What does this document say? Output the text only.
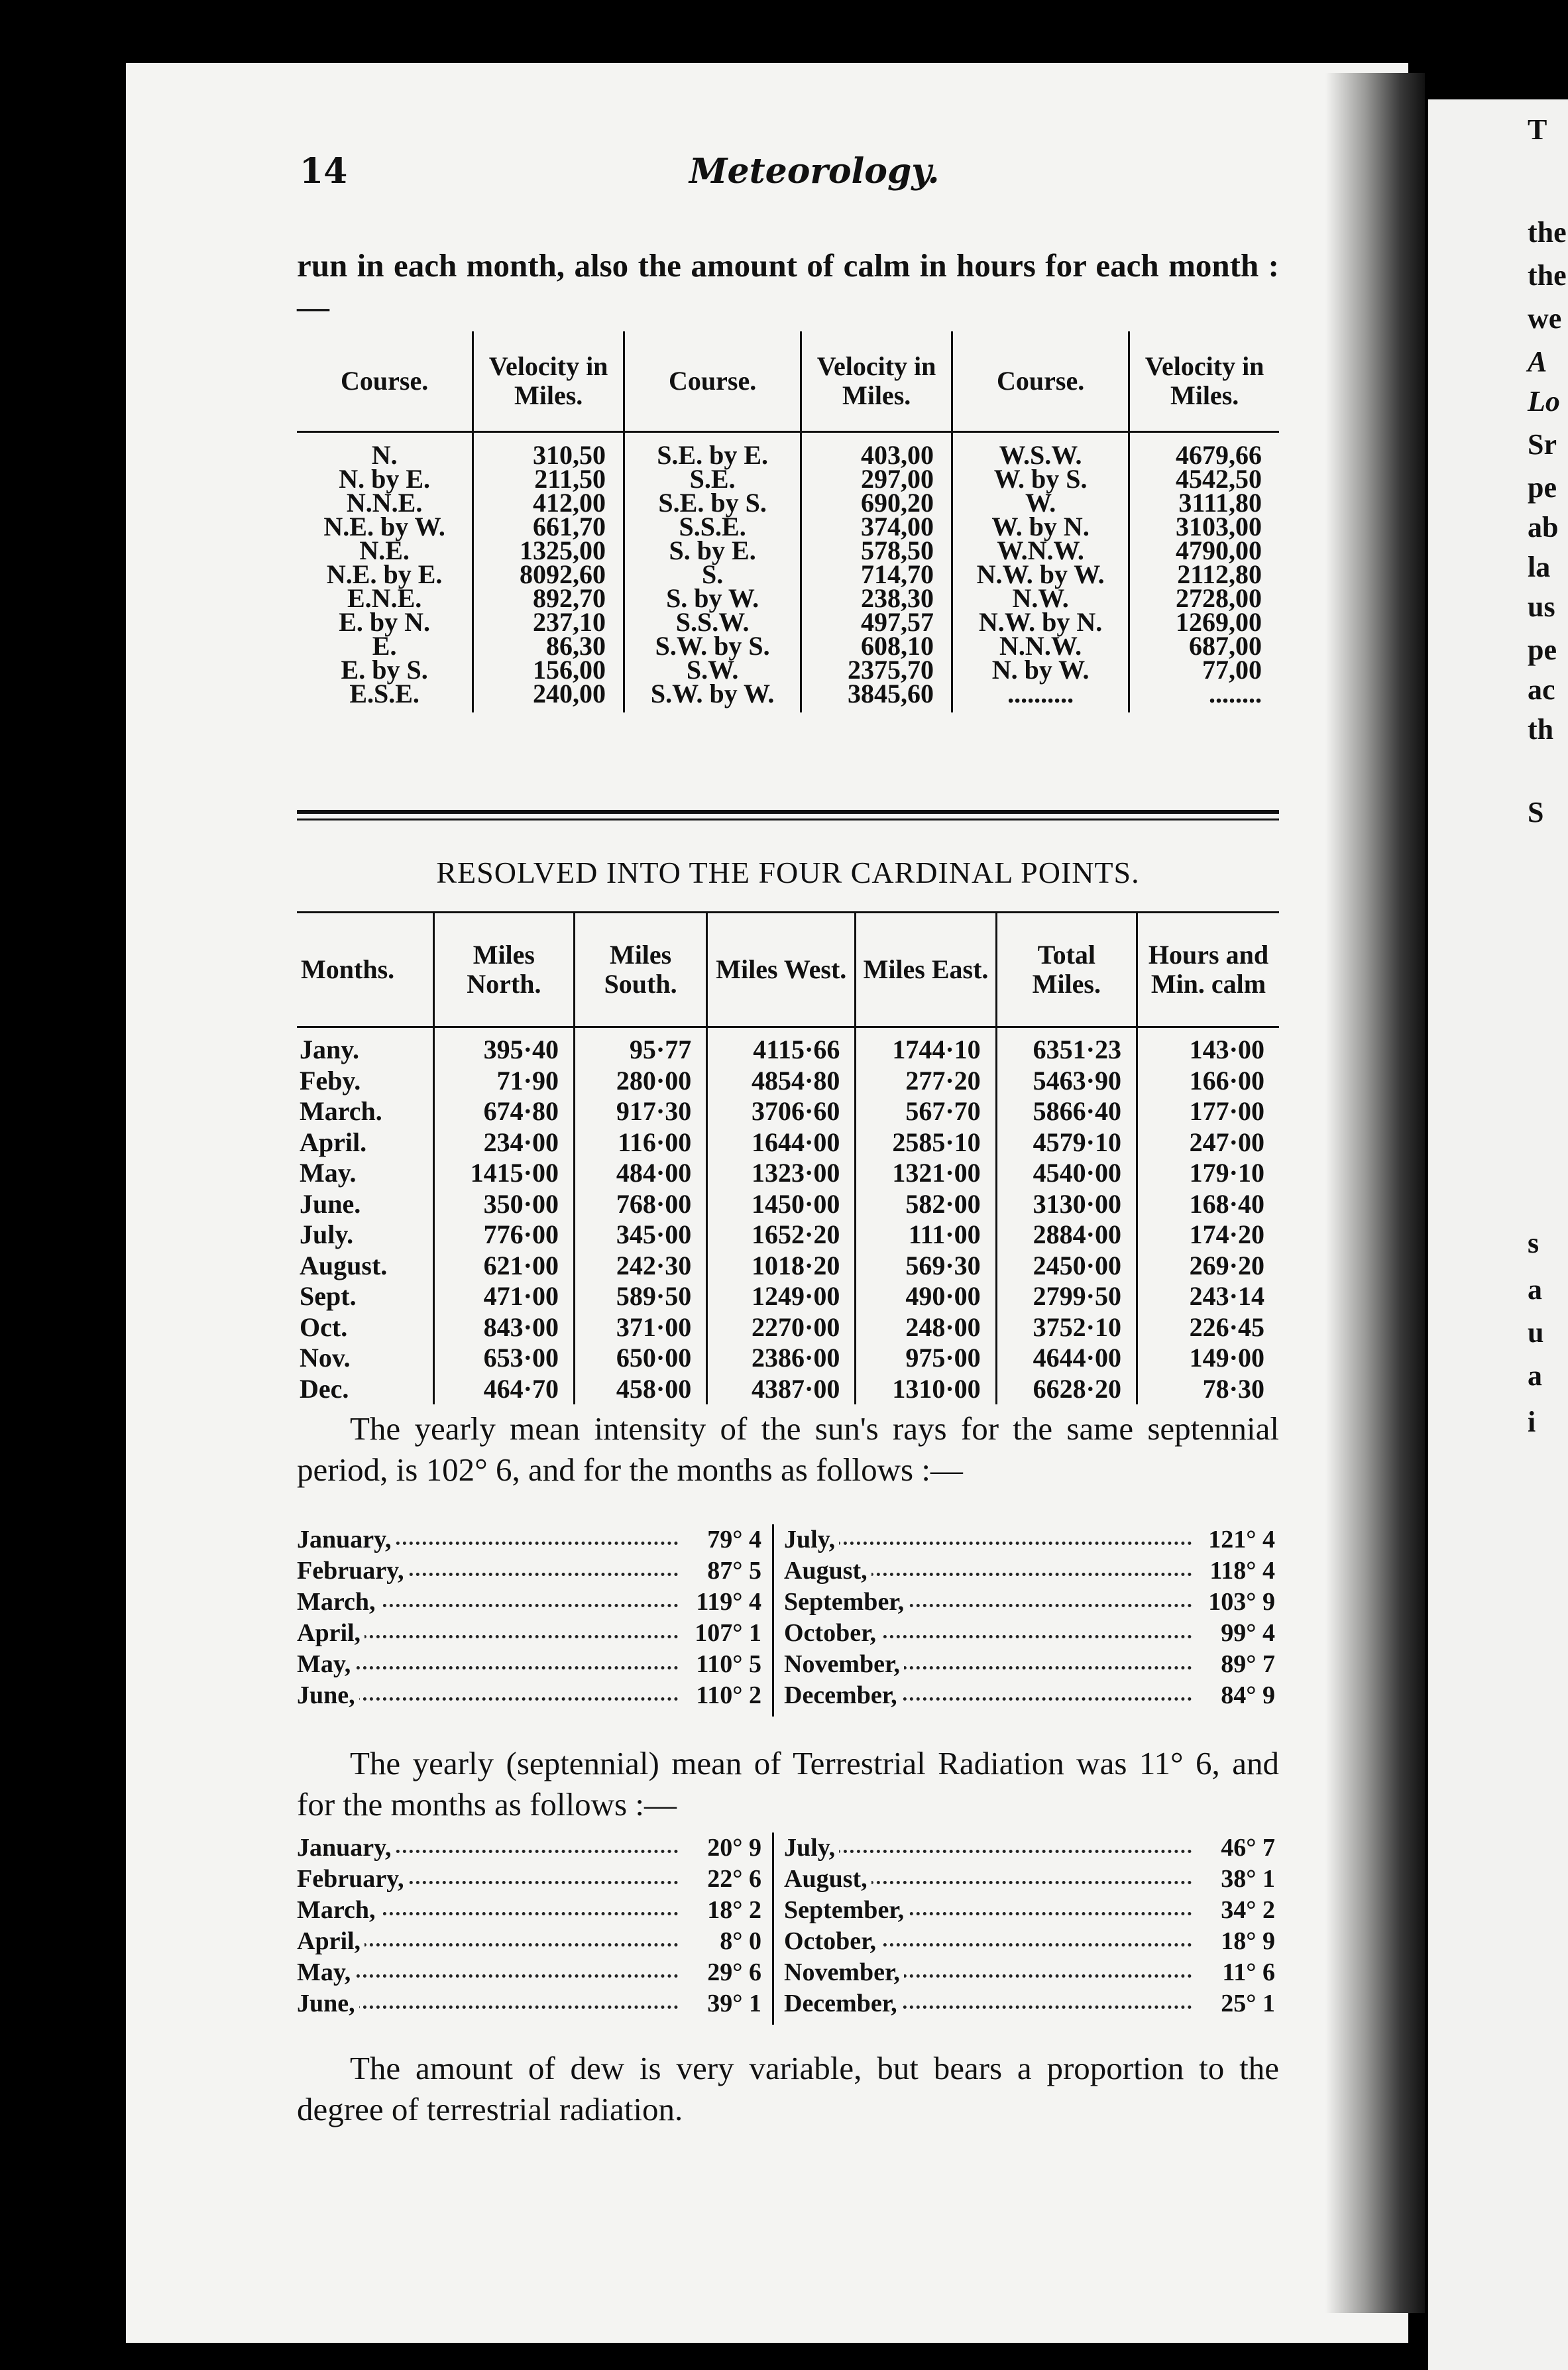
T
the
the
we
A
Lo
Sr
pe
ab
la
us
pe
ac
th
S
s
a
u
a
i
14	Meteorology.
run in each month, also the amount of calm in hours for each month :—
Course.	Velocity in Miles.	Course.	Velocity in Miles.	Course.	Velocity in Miles.
N.	310,50	S.E. by E.	403,00	W.S.W.	4679,66
N. by E.	211,50	S.E.	297,00	W. by S.	4542,50
N.N.E.	412,00	S.E. by S.	690,20	W.	3111,80
N.E. by W.	661,70	S.S.E.	374,00	W. by N.	3103,00
N.E.	1325,00	S. by E.	578,50	W.N.W.	4790,00
N.E. by E.	8092,60	S.	714,70	N.W. by W.	2112,80
E.N.E.	892,70	S. by W.	238,30	N.W.	2728,00
E. by N.	237,10	S.S.W.	497,57	N.W. by N.	1269,00
E.	86,30	S.W. by S.	608,10	N.N.W.	687,00
E. by S.	156,00	S.W.	2375,70	N. by W.	77,00
E.S.E.	240,00	S.W. by W.	3845,60	..........	........
RESOLVED INTO THE FOUR CARDINAL POINTS.
Months.	Miles North.	Miles South.	Miles West.	Miles East.	Total Miles.	Hours and Min. calm
Jany.	395·40	95·77	4115·66	1744·10	6351·23	143·00
Feby.	71·90	280·00	4854·80	277·20	5463·90	166·00
March.	674·80	917·30	3706·60	567·70	5866·40	177·00
April.	234·00	116·00	1644·00	2585·10	4579·10	247·00
May.	1415·00	484·00	1323·00	1321·00	4540·00	179·10
June.	350·00	768·00	1450·00	582·00	3130·00	168·40
July.	776·00	345·00	1652·20	111·00	2884·00	174·20
August.	621·00	242·30	1018·20	569·30	2450·00	269·20
Sept.	471·00	589·50	1249·00	490·00	2799·50	243·14
Oct.	843·00	371·00	2270·00	248·00	3752·10	226·45
Nov.	653·00	650·00	2386·00	975·00	4644·00	149·00
Dec.	464·70	458·00	4387·00	1310·00	6628·20	78·30
The yearly mean intensity of the sun's rays for the same septennial period, is 102° 6, and for the months as follows :—
January,	79° 4
February,	87° 5
March,	119° 4
April,	107° 1
May,	110° 5
June,	110° 2
July,	121° 4
August,	118° 4
September,	103° 9
October,	99° 4
November,	89° 7
December,	84° 9
The yearly (septennial) mean of Terrestrial Radiation was 11° 6, and for the months as follows :—
January,	20° 9
February,	22° 6
March,	18° 2
April,	8° 0
May,	29° 6
June,	39° 1
July,	46° 7
August,	38° 1
September,	34° 2
October,	18° 9
November,	11° 6
December,	25° 1
The amount of dew is very variable, but bears a proportion to the degree of terrestrial radiation.
